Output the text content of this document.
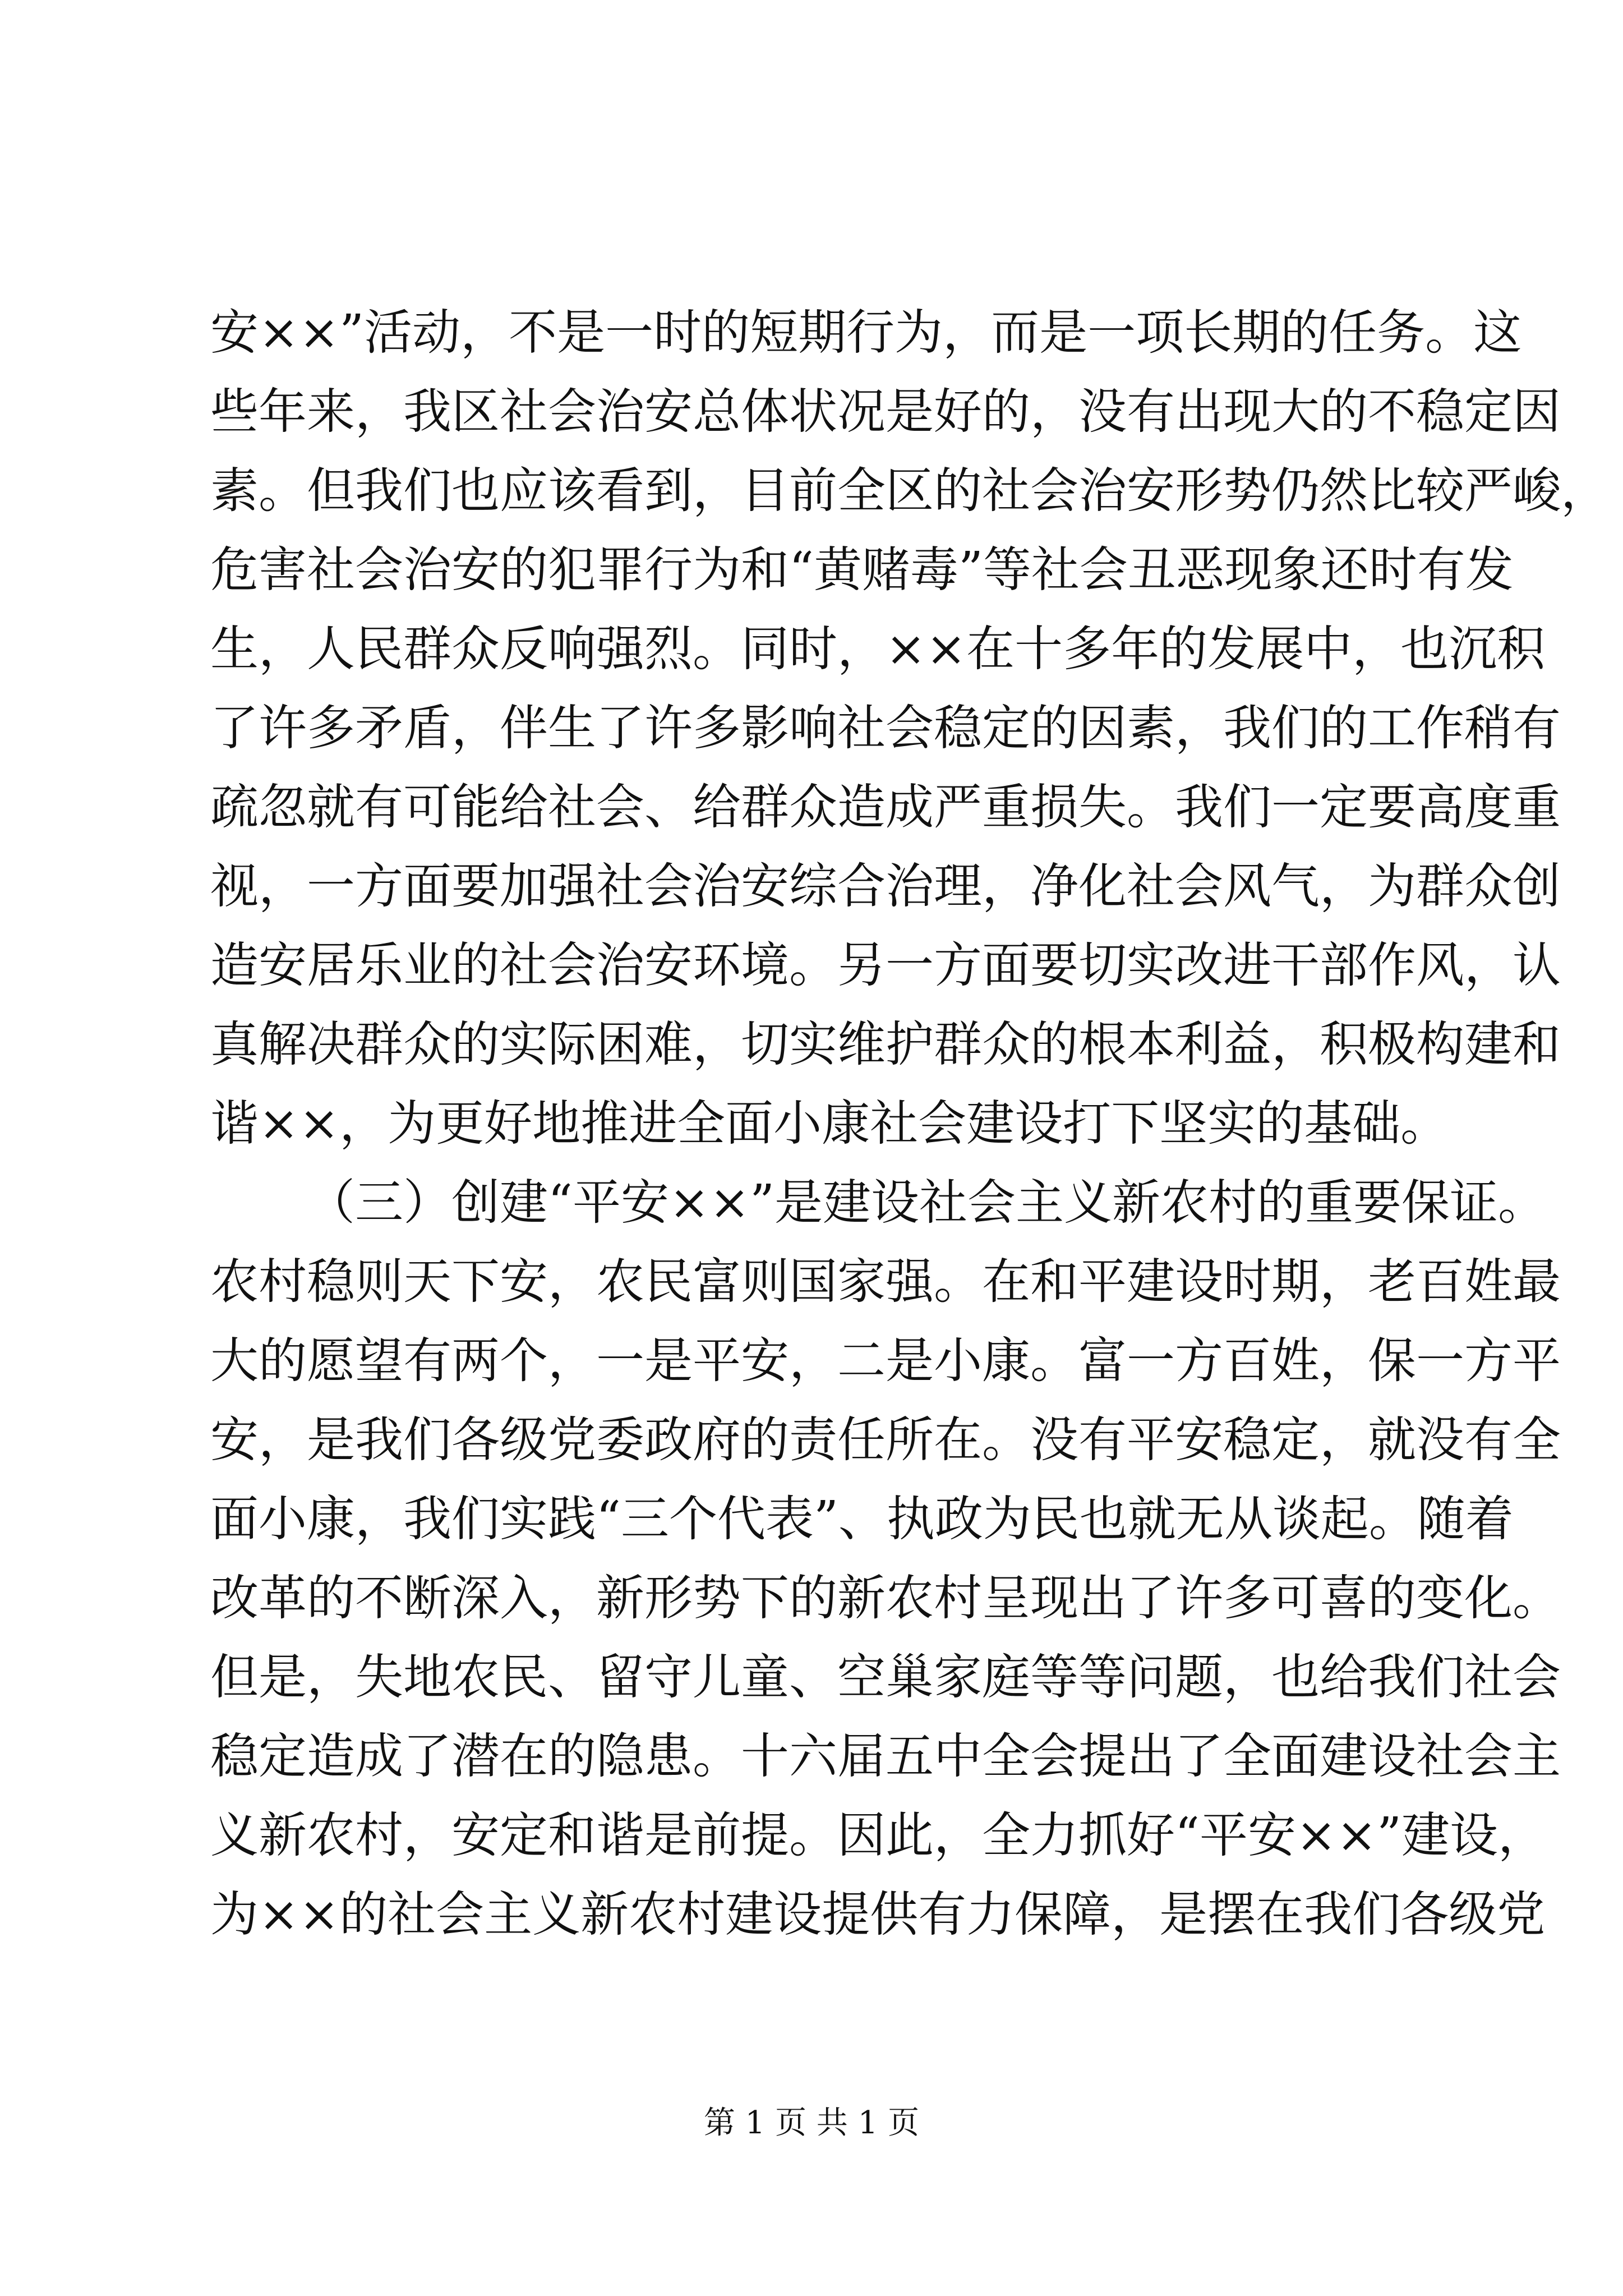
安××”活动，不是一时的短期行为，而是一项长期的任务。这
些年来，我区社会治安总体状况是好的，没有出现大的不稳定因
素。但我们也应该看到，目前全区的社会治安形势仍然比较严峻，
危害社会治安的犯罪行为和“黄赌毒”等社会丑恶现象还时有发
生，人民群众反响强烈。同时，××在十多年的发展中，也沉积
了许多矛盾，伴生了许多影响社会稳定的因素，我们的工作稍有
疏忽就有可能给社会、给群众造成严重损失。我们一定要高度重
视，一方面要加强社会治安综合治理，净化社会风气，为群众创
造安居乐业的社会治安环境。另一方面要切实改进干部作风，认
真解决群众的实际困难，切实维护群众的根本利益，积极构建和
谐××，为更好地推进全面小康社会建设打下坚实的基础。
（三）创建“平安××”是建设社会主义新农村的重要保证。
农村稳则天下安，农民富则国家强。在和平建设时期，老百姓最
大的愿望有两个，一是平安，二是小康。富一方百姓，保一方平
安，是我们各级党委政府的责任所在。没有平安稳定，就没有全
面小康，我们实践“三个代表”、执政为民也就无从谈起。随着
改革的不断深入，新形势下的新农村呈现出了许多可喜的变化。
但是，失地农民、留守儿童、空巢家庭等等问题，也给我们社会
稳定造成了潜在的隐患。十六届五中全会提出了全面建设社会主
义新农村，安定和谐是前提。因此，全力抓好“平安××”建设，
为××的社会主义新农村建设提供有力保障，是摆在我们各级党
第 1 页 共 1 页
